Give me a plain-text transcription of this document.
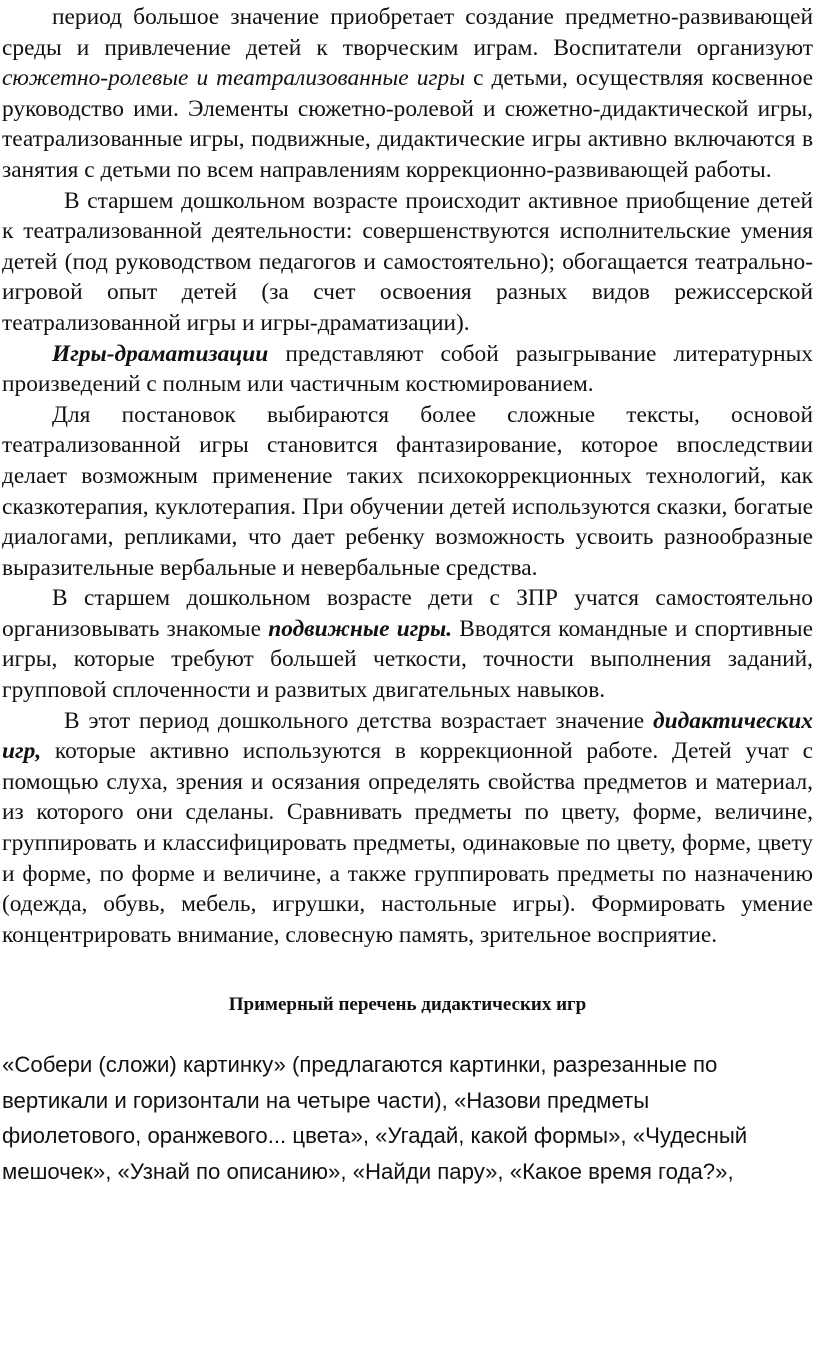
период большое значение приобретает создание предметно-развивающей среды и привлечение детей к творческим играм. Воспитатели организуют сюжетно-ролевые и театрализованные игры с детьми, осуществляя косвенное руководство ими. Элементы сюжетно-ролевой и сюжетно-дидактической игры, театрализованные игры, подвижные, дидактические игры активно включаются в занятия с детьми по всем направлениям коррекционно-развивающей работы.

В старшем дошкольном возрасте происходит активное приобщение детей к театрализованной деятельности: совершенствуются исполнительские умения детей (под руководством педагогов и самостоятельно); обогащается театрально-игровой опыт детей (за счет освоения разных видов режиссерской театрализованной игры и игры-драматизации).

Игры-драматизации представляют собой разыгрывание литературных произведений с полным или частичным костюмированием.

Для постановок выбираются более сложные тексты, основой театрализованной игры становится фантазирование, которое впоследствии делает возможным применение таких психокоррекционных технологий, как сказкотерапия, куклотерапия. При обучении детей используются сказки, богатые диалогами, репликами, что дает ребенку возможность усвоить разнообразные выразительные вербальные и невербальные средства.

В старшем дошкольном возрасте дети с ЗПР учатся самостоятельно организовывать знакомые подвижные игры. Вводятся командные и спортивные игры, которые требуют большей четкости, точности выполнения заданий, групповой сплоченности и развитых двигательных навыков.

В этот период дошкольного детства возрастает значение дидактических игр, которые активно используются в коррекционной работе. Детей учат с помощью слуха, зрения и осязания определять свойства предметов и материал, из которого они сделаны. Сравнивать предметы по цвету, форме, величине, группировать и классифицировать предметы, одинаковые по цвету, форме, цвету и форме, по форме и величине, а также группировать предметы по назначению (одежда, обувь, мебель, игрушки, настольные игры). Формировать умение концентрировать внимание, словесную память, зрительное восприятие.

Примерный перечень дидактических игр

«Собери (сложи) картинку» (предлагаются картинки, разрезанные по вертикали и горизонтали на четыре части), «Назови предметы фиолетового, оранжевого... цвета», «Угадай, какой формы», «Чудесный мешочек», «Узнай по описанию», «Найди пару», «Какое время года?»,
